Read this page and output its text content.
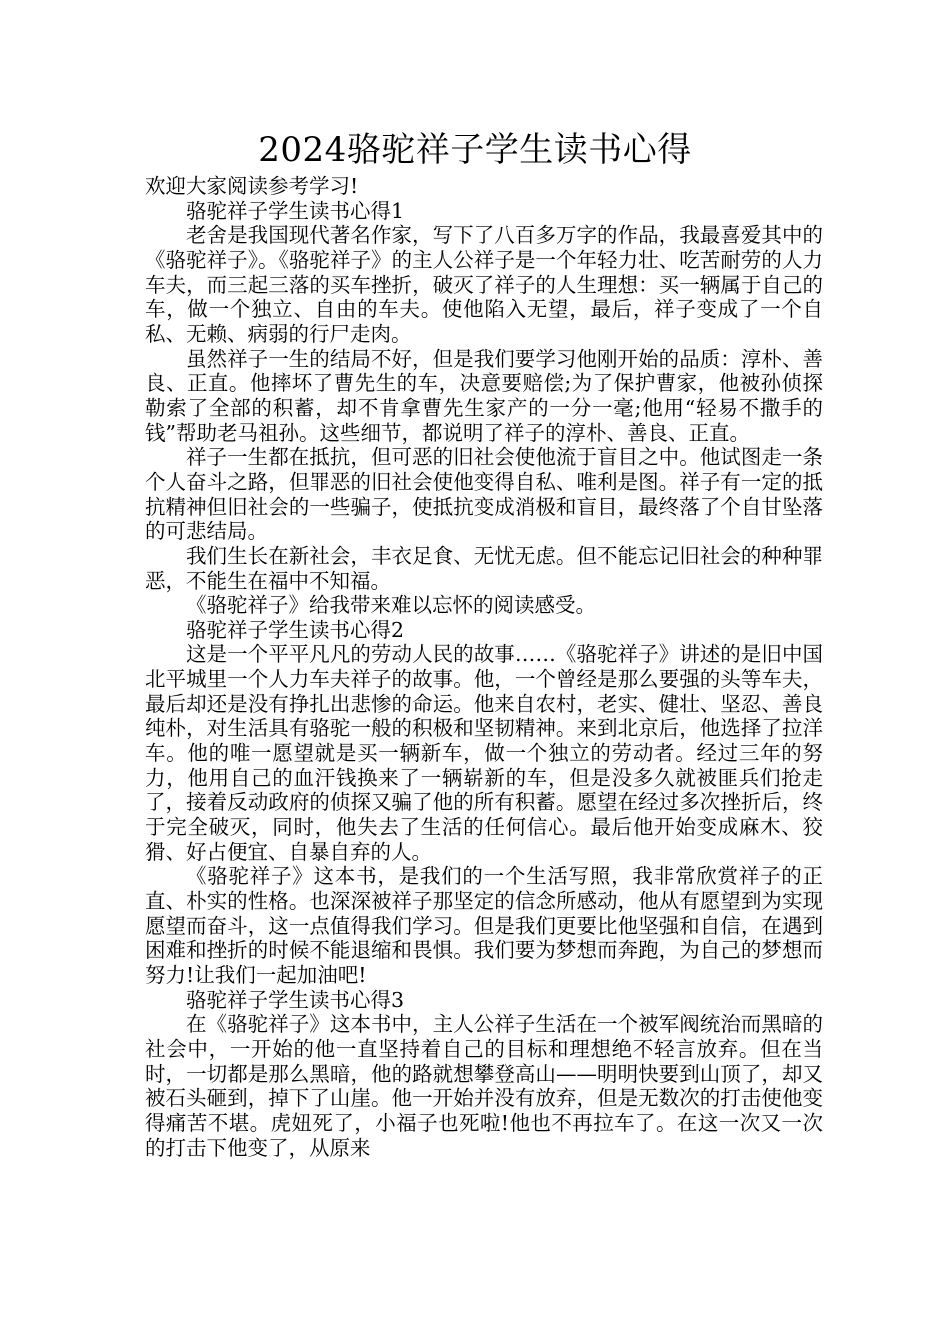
2024骆驼祥子学生读书心得

欢迎大家阅读参考学习!

骆驼祥子学生读书心得1

老舍是我国现代著名作家，写下了八百多万字的作品，我最喜爱其中的《骆驼祥子》。《骆驼祥子》的主人公祥子是一个年轻力壮、吃苦耐劳的人力车夫，而三起三落的买车挫折，破灭了祥子的人生理想：买一辆属于自己的车，做一个独立、自由的车夫。使他陷入无望，最后，祥子变成了一个自私、无赖、病弱的行尸走肉。

虽然祥子一生的结局不好，但是我们要学习他刚开始的品质：淳朴、善良、正直。他摔坏了曹先生的车，决意要赔偿;为了保护曹家，他被孙侦探勒索了全部的积蓄，却不肯拿曹先生家产的一分一毫;他用“轻易不撒手的钱”帮助老马祖孙。这些细节，都说明了祥子的淳朴、善良、正直。

祥子一生都在抵抗，但可恶的旧社会使他流于盲目之中。他试图走一条个人奋斗之路，但罪恶的旧社会使他变得自私、唯利是图。祥子有一定的抵抗精神但旧社会的一些骗子，使抵抗变成消极和盲目，最终落了个自甘坠落的可悲结局。

我们生长在新社会，丰衣足食、无忧无虑。但不能忘记旧社会的种种罪恶，不能生在福中不知福。

《骆驼祥子》给我带来难以忘怀的阅读感受。

骆驼祥子学生读书心得2

这是一个平平凡凡的劳动人民的故事……《骆驼祥子》讲述的是旧中国北平城里一个人力车夫祥子的故事。他，一个曾经是那么要强的头等车夫，最后却还是没有挣扎出悲惨的命运。他来自农村，老实、健壮、坚忍、善良纯朴，对生活具有骆驼一般的积极和坚韧精神。来到北京后，他选择了拉洋车。他的唯一愿望就是买一辆新车，做一个独立的劳动者。经过三年的努力，他用自己的血汗钱换来了一辆崭新的车，但是没多久就被匪兵们抢走了，接着反动政府的侦探又骗了他的所有积蓄。愿望在经过多次挫折后，终于完全破灭，同时，他失去了生活的任何信心。最后他开始变成麻木、狡猾、好占便宜、自暴自弃的人。

《骆驼祥子》这本书，是我们的一个生活写照，我非常欣赏祥子的正直、朴实的性格。也深深被祥子那坚定的信念所感动，他从有愿望到为实现愿望而奋斗，这一点值得我们学习。但是我们更要比他坚强和自信，在遇到困难和挫折的时候不能退缩和畏惧。我们要为梦想而奔跑，为自己的梦想而努力!让我们一起加油吧!

骆驼祥子学生读书心得3

在《骆驼祥子》这本书中，主人公祥子生活在一个被军阀统治而黑暗的社会中，一开始的他一直坚持着自己的目标和理想绝不轻言放弃。但在当时，一切都是那么黑暗，他的路就想攀登高山——明明快要到山顶了，却又被石头砸到，掉下了山崖。他一开始并没有放弃，但是无数次的打击使他变得痛苦不堪。虎妞死了，小福子也死啦!他也不再拉车了。在这一次又一次的打击下他变了，从原来
